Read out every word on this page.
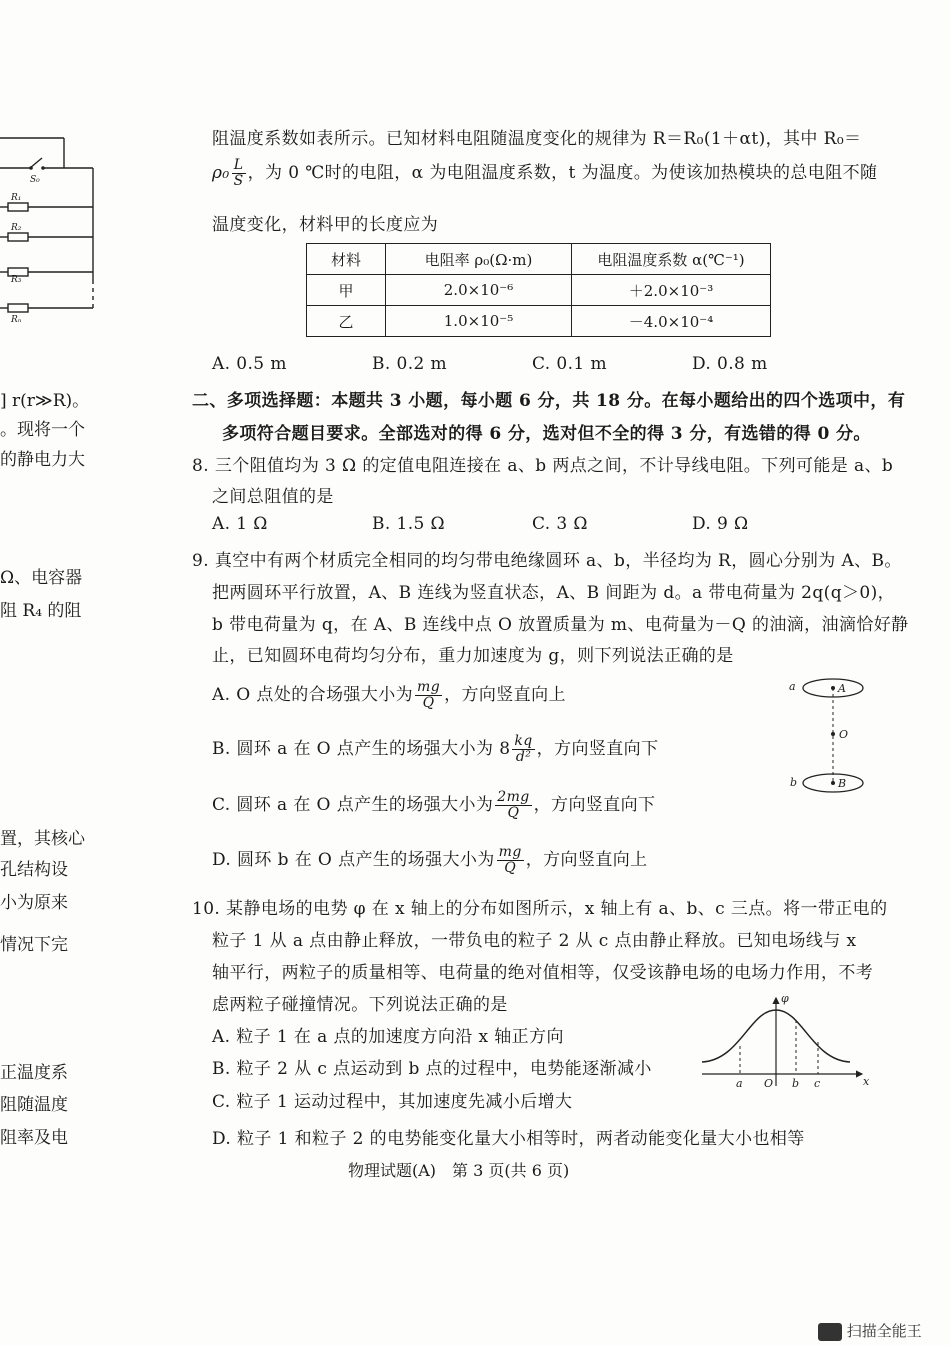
S₀
R₁
R₂
R₃
Rₙ
] r(r≫R)。
。现将一个
的静电力大
Ω、电容器
阻 R₄ 的阻
置，其核心
孔结构设
小为原来
情况下完
正温度系
阻随温度
阻率及电
阻温度系数如表所示。已知材料电阻随温度变化的规律为 R＝R₀(1＋αt)，其中 R₀＝
$\rho_0 \frac{L}{S}$ ，为 0 ℃时的电阻，α 为电阻温度系数，t 为温度。为使该加热模块的总电阻不随
温度变化，材料甲的长度应为
材料	电阻率 ρ₀(Ω·m)	电阻温度系数 α(℃⁻¹)
甲	2.0×10⁻⁶	＋2.0×10⁻³
乙	1.0×10⁻⁵	－4.0×10⁻⁴
A. 0.5 m	B. 0.2 m	C. 0.1 m	D. 0.8 m
二、多项选择题：本题共 3 小题，每小题 6 分，共 18 分。在每小题给出的四个选项中，有
多项符合题目要求。全部选对的得 6 分，选对但不全的得 3 分，有选错的得 0 分。
8. 三个阻值均为 3 Ω 的定值电阻连接在 a、b 两点之间，不计导线电阻。下列可能是 a、b
之间总阻值的是
A. 1 Ω	B. 1.5 Ω	C. 3 Ω	D. 9 Ω
9. 真空中有两个材质完全相同的均匀带电绝缘圆环 a、b，半径均为 R，圆心分别为 A、B。
把两圆环平行放置，A、B 连线为竖直状态，A、B 间距为 d。a 带电荷量为 2q(q＞0)，
b 带电荷量为 q，在 A、B 连线中点 O 放置质量为 m、电荷量为－Q 的油滴，油滴恰好静
止，已知圆环电荷均匀分布，重力加速度为 g，则下列说法正确的是
A. O 点处的合场强大小为 $\frac{mg}{Q}$ ，方向竖直向上
B. 圆环 a 在 O 点产生的场强大小为 $8 \frac{kq}{\text{d²}}$ ，方向竖直向下
C. 圆环 a 在 O 点产生的场强大小为 $\frac{2mg}{Q}$ ，方向竖直向下
D. 圆环 b 在 O 点产生的场强大小为 $\frac{mg}{Q}$ ，方向竖直向上
a	A
O
b	B
10. 某静电场的电势 φ 在 x 轴上的分布如图所示，x 轴上有 a、b、c 三点。将一带正电的
粒子 1 从 a 点由静止释放，一带负电的粒子 2 从 c 点由静止释放。已知电场线与 x
轴平行，两粒子的质量相等、电荷量的绝对值相等，仅受该静电场的电场力作用，不考
虑两粒子碰撞情况。下列说法正确的是
A. 粒子 1 在 a 点的加速度方向沿 x 轴正方向
B. 粒子 2 从 c 点运动到 b 点的过程中，电势能逐渐减小
C. 粒子 1 运动过程中，其加速度先减小后增大
D. 粒子 1 和粒子 2 的电势能变化量大小相等时，两者动能变化量大小也相等
φ
x
a O b c
物理试题(A)　第 3 页(共 6 页)
扫描全能王
